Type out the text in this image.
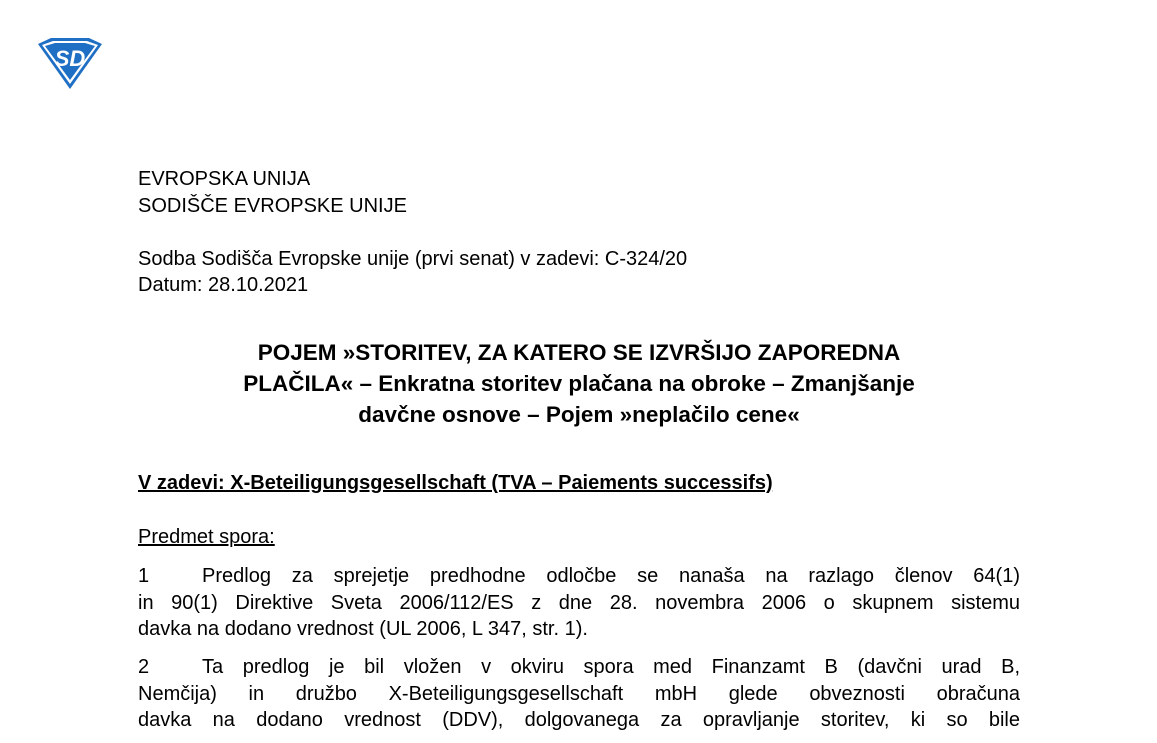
SD
EVROPSKA UNIJA
SODIŠČE EVROPSKE UNIJE
Sodba Sodišča Evropske unije (prvi senat) v zadevi: C-324/20
Datum: 28.10.2021
POJEM »STORITEV, ZA KATERO SE IZVRŠIJO ZAPOREDNA
PLAČILA« – Enkratna storitev plačana na obroke – Zmanjšanje
davčne osnove – Pojem »neplačilo cene«
V zadevi: X-Beteiligungsgesellschaft (TVA – Paiements successifs)
Predmet spora:
1	Predlog za sprejetje predhodne odločbe se nanaša na razlago členov 64(1)
in 90(1) Direktive Sveta 2006/112/ES z dne 28. novembra 2006 o skupnem sistemu
davka na dodano vrednost (UL 2006, L 347, str. 1).
2	Ta predlog je bil vložen v okviru spora med Finanzamt B (davčni urad B,
Nemčija) in družbo X-Beteiligungsgesellschaft mbH glede obveznosti obračuna
davka na dodano vrednost (DDV), dolgovanega za opravljanje storitev, ki so bile
